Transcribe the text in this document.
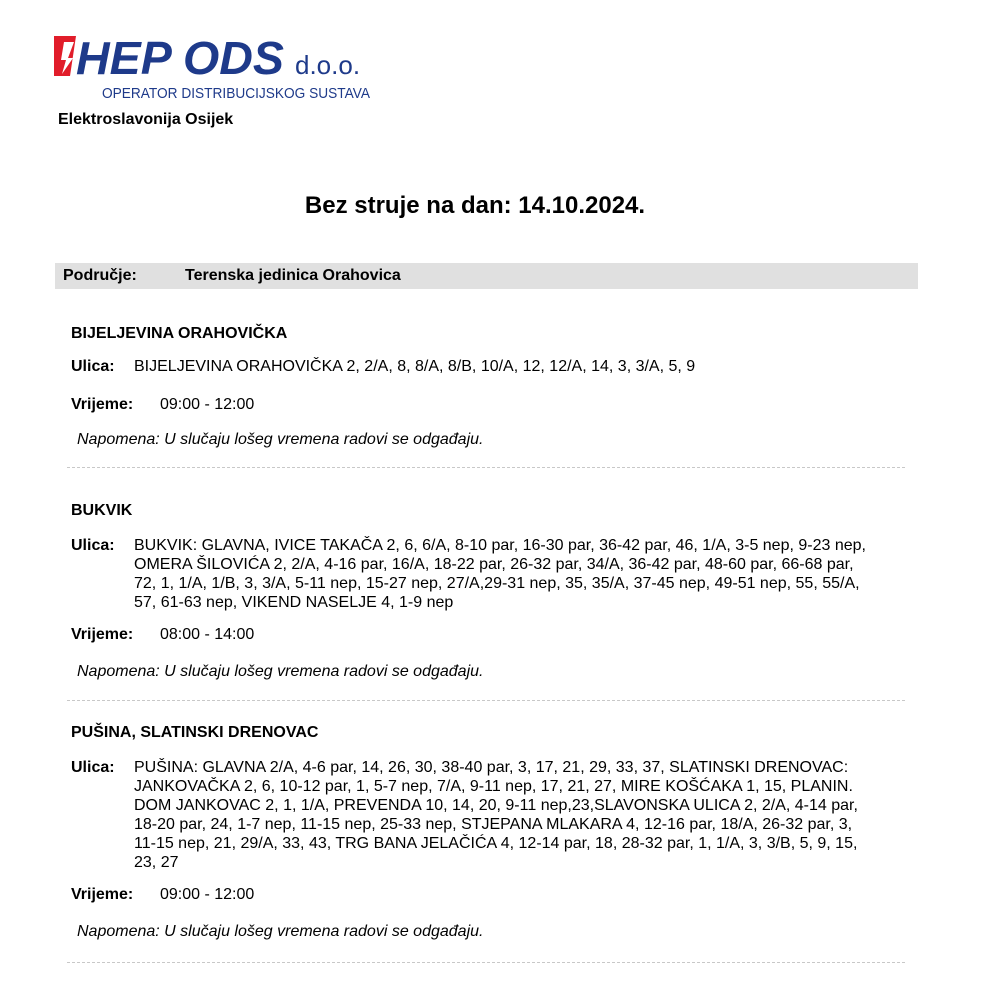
HEP ODS d.o.o.
OPERATOR DISTRIBUCIJSKOG SUSTAVA
Elektroslavonija Osijek
Bez struje na dan: 14.10.2024.
Područje:	Terenska jedinica Orahovica
BIJELJEVINA ORAHOVIČKA
Ulica:	BIJELJEVINA ORAHOVIČKA 2, 2/A, 8, 8/A, 8/B, 10/A, 12, 12/A, 14, 3, 3/A, 5, 9
Vrijeme:	09:00 - 12:00
Napomena: U slučaju lošeg vremena radovi se odgađaju.
BUKVIK
Ulica:	BUKVIK: GLAVNA, IVICE TAKAČA 2, 6, 6/A, 8-10 par, 16-30 par, 36-42 par, 46, 1/A, 3-5 nep, 9-23 nep, OMERA ŠILOVIĆA 2, 2/A, 4-16 par, 16/A, 18-22 par, 26-32 par, 34/A, 36-42 par, 48-60 par, 66-68 par, 72, 1, 1/A, 1/B, 3, 3/A, 5-11 nep, 15-27 nep, 27/A,29-31 nep, 35, 35/A, 37-45 nep, 49-51 nep, 55, 55/A, 57, 61-63 nep, VIKEND NASELJE 4, 1-9 nep
Vrijeme:	08:00 - 14:00
Napomena: U slučaju lošeg vremena radovi se odgađaju.
PUŠINA, SLATINSKI DRENOVAC
Ulica:	PUŠINA: GLAVNA 2/A, 4-6 par, 14, 26, 30, 38-40 par, 3, 17, 21, 29, 33, 37, SLATINSKI DRENOVAC: JANKOVAČKA 2, 6, 10-12 par, 1, 5-7 nep, 7/A, 9-11 nep, 17, 21, 27, MIRE KOŠĆAKA 1, 15, PLANIN. DOM JANKOVAC 2, 1, 1/A, PREVENDA 10, 14, 20, 9-11 nep,23,SLAVONSKA ULICA 2, 2/A, 4-14 par, 18-20 par, 24, 1-7 nep, 11-15 nep, 25-33 nep, STJEPANA MLAKARA 4, 12-16 par, 18/A, 26-32 par, 3, 11-15 nep, 21, 29/A, 33, 43, TRG BANA JELAČIĆA 4, 12-14 par, 18, 28-32 par, 1, 1/A, 3, 3/B, 5, 9, 15, 23, 27
Vrijeme:	09:00 - 12:00
Napomena: U slučaju lošeg vremena radovi se odgađaju.
